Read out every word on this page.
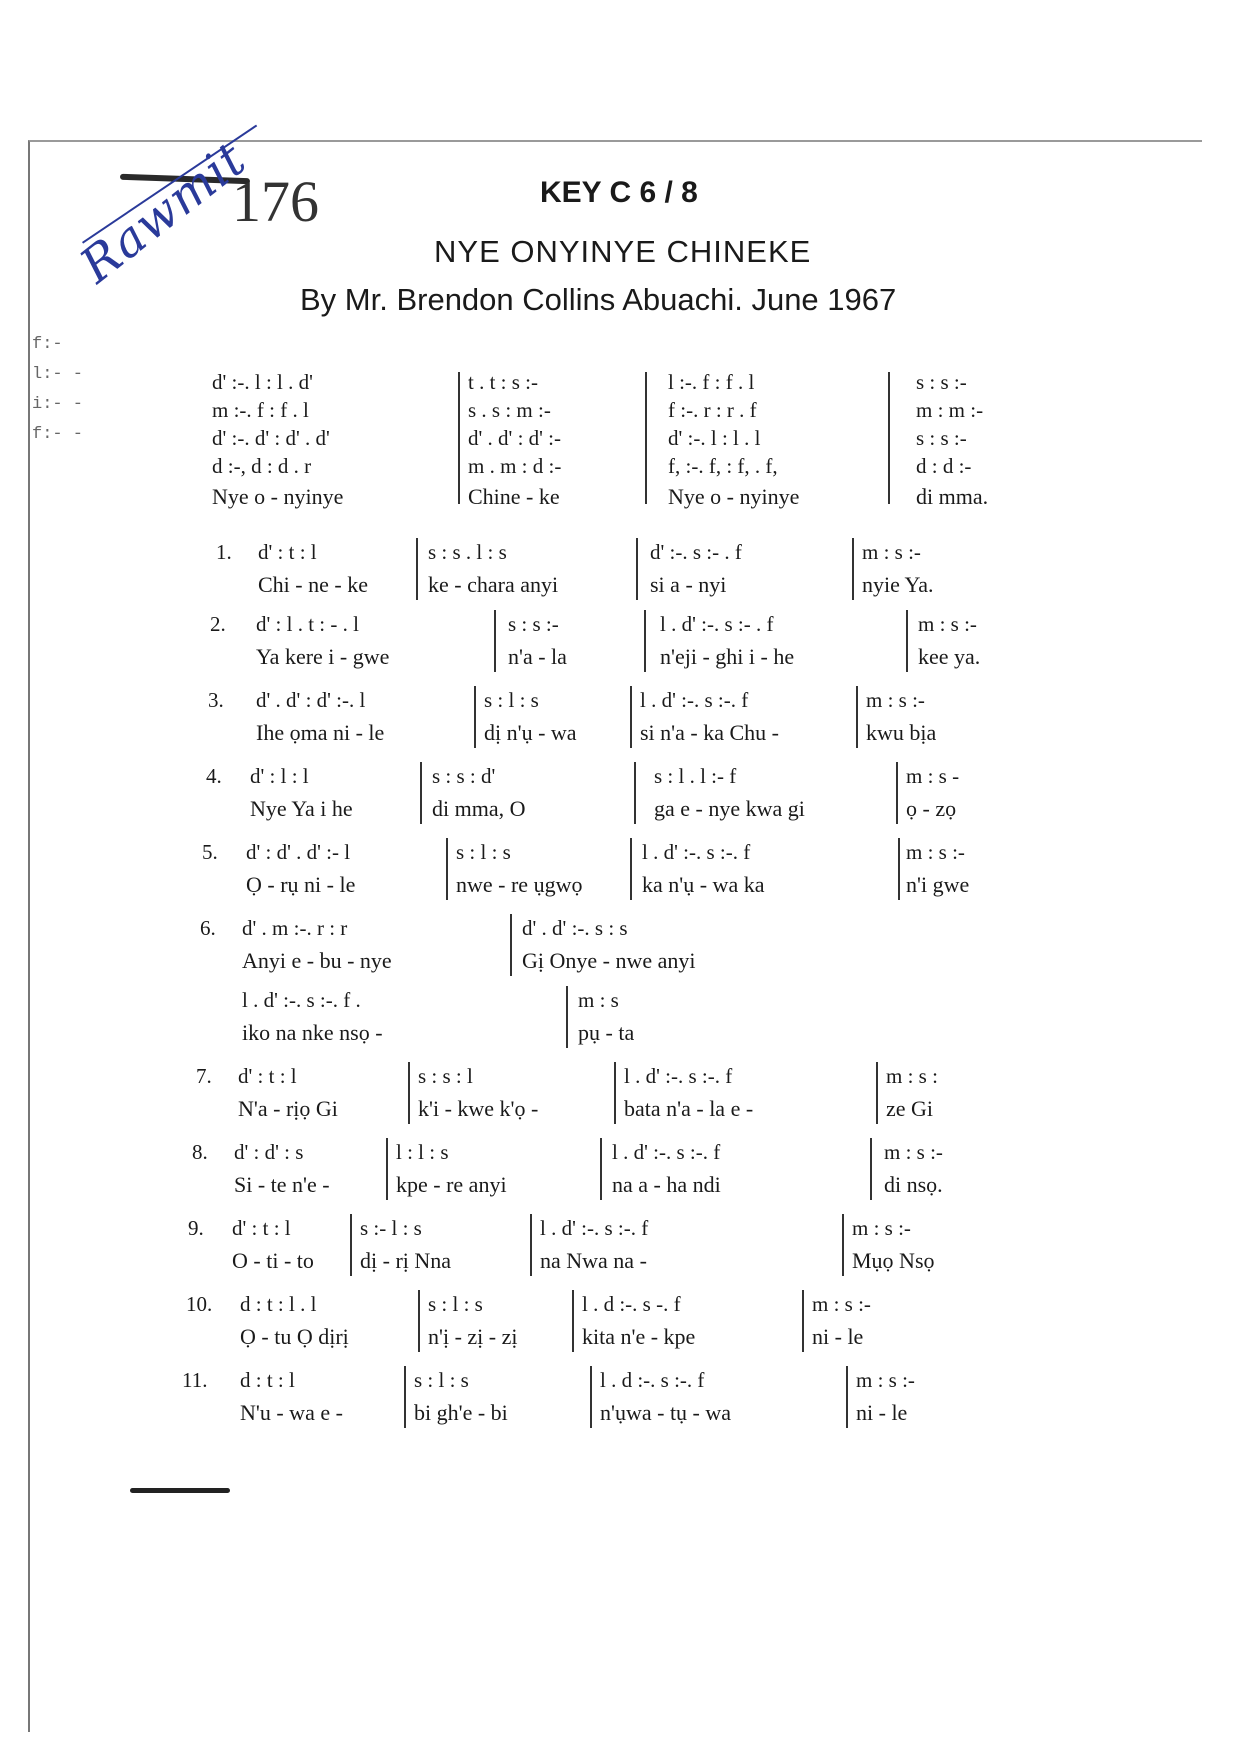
176
Rawmit	KEY C 6 / 8
NYE ONYINYE CHINEKE
By Mr. Brendon Collins Abuachi. June 1967
f:-
l:- -
i:- -
f:- -
d' :-. l : l . d'	t . t : s :-	l :-. f : f . l	s : s :-
m :-. f : f . l	s . s : m :-	f :-. r : r . f	m : m :-
d' :-. d' : d' . d'	d' . d' : d' :-	d' :-. l : l . l	s : s :-
d :-, d : d . r	m . m : d :-	f, :-. f, : f, . f,	d : d :-
Nye o - nyinye	Chine - ke	Nye o - nyinye	di mma.
1. d' : t : l	s : s . l : s	d' :-. s :- . f	m : s :-
Chi - ne - ke	ke - chara anyi	si a - nyi	nyie Ya.
2. d' : l . t : - . l	s : s :-	l . d' :-. s :- . f	m : s :-
Ya kere i - gwe	n'a - la	n'eji - ghi i - he	kee ya.
3. d' . d' : d' :-. l	s : l : s	l . d' :-. s :-. f	m : s :-
Ihe ọma ni - le	dị n'ụ - wa	si n'a - ka Chu -	kwu bịa
4. d' : l : l	s : s : d'	s : l . l :- f	m : s -
Nye Ya i he	di mma, O	ga e - nye kwa gi	ọ - zọ
5. d' : d' . d' :- l	s : l : s	l . d' :-. s :-. f	m : s :-
Ọ - rụ ni - le	nwe - re ụgwọ	ka n'ụ - wa ka	n'i gwe
6. d' . m :-. r : r	d' . d' :-. s : s
Anyi e - bu - nye	Gị Onye - nwe anyi
l . d' :-. s :-. f .	m : s
iko na nke nsọ -	pụ - ta
7. d' : t : l	s : s : l	l . d' :-. s :-. f	m : s :
N'a - rịọ Gi	k'i - kwe k'ọ -	bata n'a - la e -	ze Gi
8. d' : d' : s	l : l : s	l . d' :-. s :-. f	m : s :-
Si - te n'e -	kpe - re anyi	na a - ha ndi	di nsọ.
9. d' : t : l	s :- l : s	l . d' :-. s :-. f	m : s :-
O - ti - to dị - rị Nna	na Nwa na -	Mụọ Nsọ
10. d : t : l . l	s : l : s	l . d :-. s -. f	m : s :-
Ọ - tu Ọ dịrị	n'ị - zị - zị	kita n'e - kpe	ni - le
11. d : t : l	s : l : s	l . d :-. s :-. f	m : s :-
N'u - wa e -	bi gh'e - bi	n'ụwa - tụ - wa	ni - le
